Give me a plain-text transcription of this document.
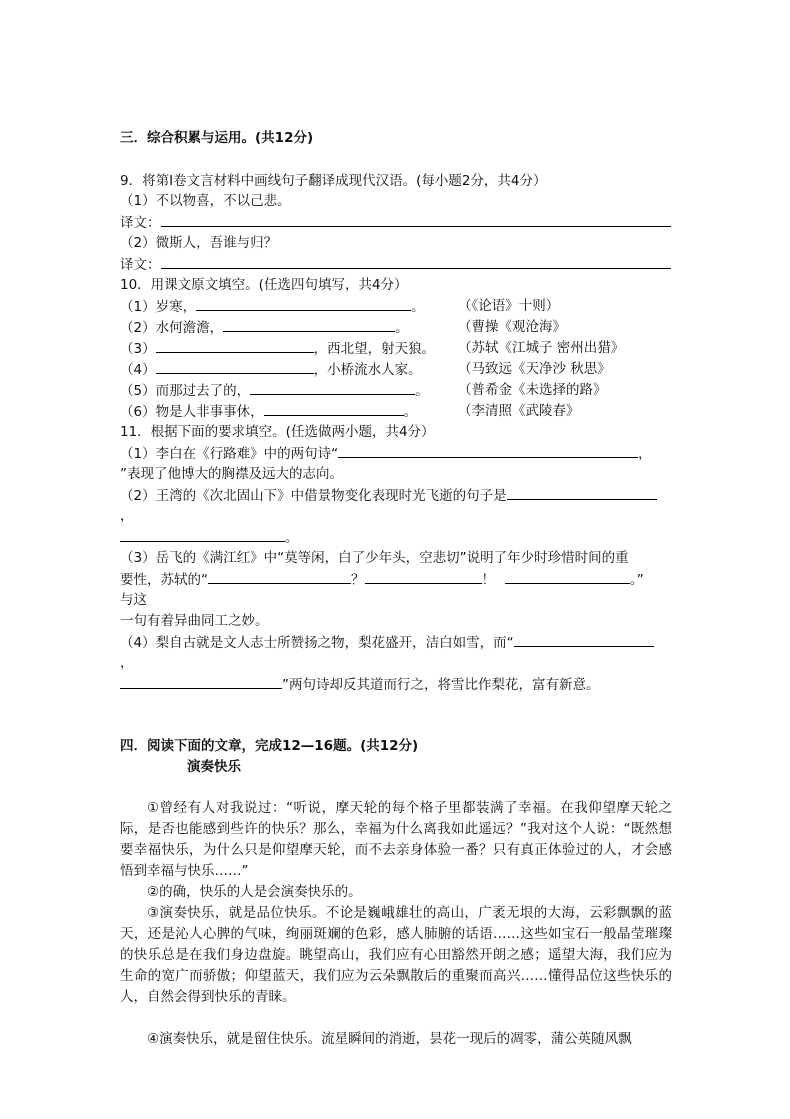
三．综合积累与运用。(共12分)
9．将第Ⅰ卷文言材料中画线句子翻译成现代汉语。(每小题2分，共4分）
（1）不以物喜，不以己悲。
译文：
（2）微斯人，吾谁与归？
译文：
10．用课文原文填空。(任选四句填写，共4分）
（1）岁寒，	。 （《论语》十则）
（2）水何澹澹，	。	（曹操《观沧海》
（3）	，西北望，射天狼。 （苏轼《江城子 密州出猎》
（4）	，小桥流水人家。	（马致远《天净沙 秋思》
（5）而那过去了的，	。 （普希金《未选择的路》
（6）物是人非事事休，	。	（李清照《武陵春》
11．根据下面的要求填空。(任选做两小题，共4分）
（1）李白在《行路难》中的两句诗“	，
”表现了他博大的胸襟及远大的志向。
（2）王湾的《次北固山下》中借景物变化表现时光飞逝的句子是
，
。
（3）岳飞的《满江红》中“莫等闲，白了少年头，空悲切”说明了年少时珍惜时间的重
要性，苏轼的“	？	！	。”
与这
一句有着异曲同工之妙。
（4）梨自古就是文人志士所赞扬之物，梨花盛开，洁白如雪，而“
，
”两句诗却反其道而行之，将雪比作梨花，富有新意。
四．阅读下面的文章，完成12—16题。(共12分)
演奏快乐
①曾经有人对我说过：“听说，摩天轮的每个格子里都装满了幸福。在我仰望摩天轮之际，是否也能感到些许的快乐？那么，幸福为什么离我如此遥远？”我对这个人说：“既然想要幸福快乐，为什么只是仰望摩天轮，而不去亲身体验一番？只有真正体验过的人，才会感悟到幸福与快乐……”
②的确，快乐的人是会演奏快乐的。
③演奏快乐，就是品位快乐。不论是巍峨雄壮的高山，广袤无垠的大海，云彩飘飘的蓝天，还是沁人心脾的气味，绚丽斑斓的色彩，感人肺腑的话语……这些如宝石一般晶莹璀璨的快乐总是在我们身边盘旋。眺望高山，我们应有心田豁然开朗之感；遥望大海，我们应为生命的宽广而骄傲；仰望蓝天，我们应为云朵飘散后的重聚而高兴……懂得品位这些快乐的人，自然会得到快乐的青睐。
④演奏快乐，就是留住快乐。流星瞬间的消逝，昙花一现后的凋零，蒲公英随风飘
